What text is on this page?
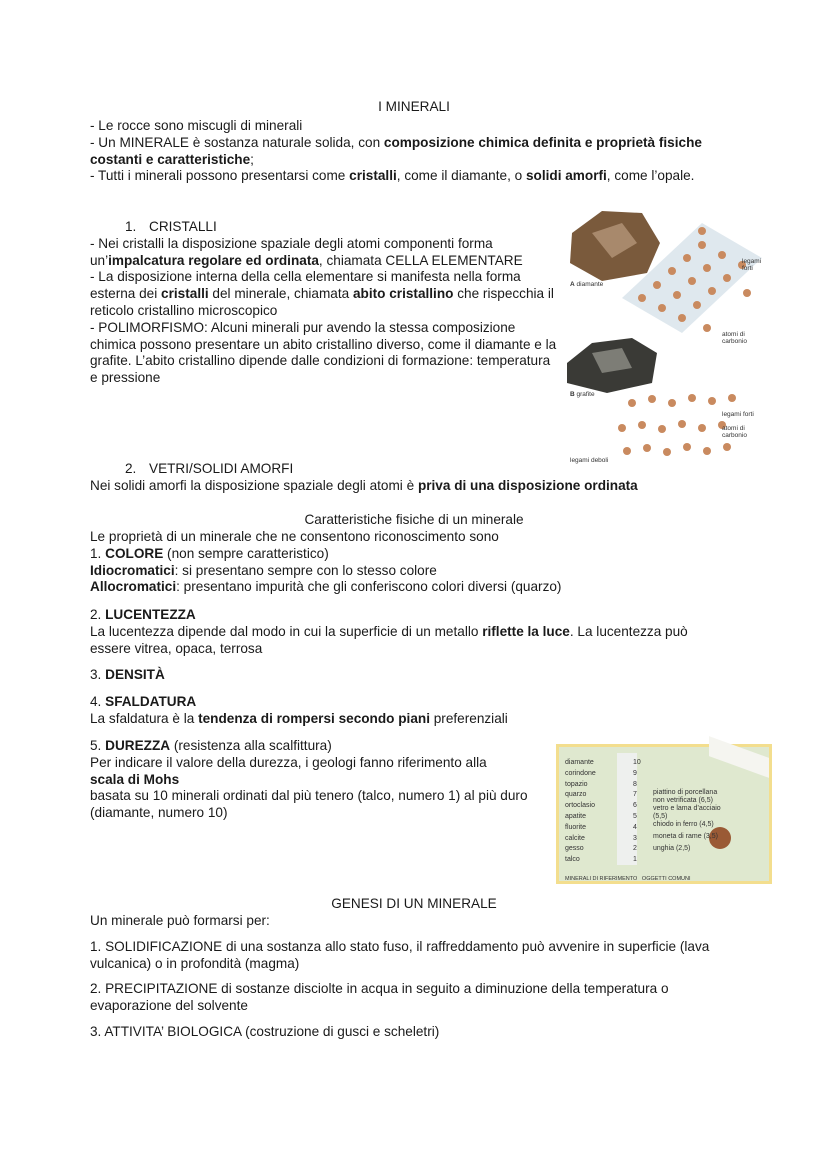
I MINERALI
- Le rocce sono miscugli di minerali
- Un MINERALE è sostanza naturale solida, con composizione chimica definita e proprietà fisiche costanti e caratteristiche;
- Tutti i minerali possono presentarsi come cristalli, come il diamante, o solidi amorfi, come l’opale.
1. CRISTALLI
- Nei cristalli la disposizione spaziale degli atomi componenti forma un’impalcatura regolare ed ordinata, chiamata CELLA ELEMENTARE
- La disposizione interna della cella elementare si manifesta nella forma esterna dei cristalli del minerale, chiamata abito cristallino che rispecchia il reticolo cristallino microscopico
- POLIMORFISMO: Alcuni minerali pur avendo la stessa composizione chimica possono presentare un abito cristallino diverso, come il diamante e la grafite. L’abito cristallino dipende dalle condizioni di formazione: temperatura e pressione
A diamante
legami forti
atomi di carbonio
B grafite
legami forti
atomi di carbonio
legami deboli
2. VETRI/SOLIDI AMORFI
Nei solidi amorfi la disposizione spaziale degli atomi è priva di una disposizione ordinata
Caratteristiche fisiche di un minerale
Le proprietà di un minerale che ne consentono riconoscimento sono
1. COLORE (non sempre caratteristico)
Idiocromatici: si presentano sempre con lo stesso colore
Allocromatici: presentano impurità che gli conferiscono colori diversi (quarzo)
2. LUCENTEZZA
La lucentezza dipende dal modo in cui la superficie di un metallo riflette la luce. La lucentezza può essere vitrea, opaca, terrosa
3. DENSITÀ
4. SFALDATURA
La sfaldatura è la tendenza di rompersi secondo piani preferenziali
5. DUREZZA (resistenza alla scalfittura)
Per indicare il valore della durezza, i geologi fanno riferimento alla
scala di Mohs
basata su 10 minerali ordinati dal più tenero (talco, numero 1) al più duro (diamante, numero 10)
diamante	10
corindone	9
topazio	8
quarzo	7
ortoclasio	6
apatite	5
fluorite	4
calcite	3
gesso	2
talco	1
piattino di porcellana non vetrificata (6,5)
vetro e lama d’acciaio (5,5)
chiodo in ferro (4,5)
moneta di rame (3,5)
unghia (2,5)
MINERALI DI RIFERIMENTO OGGETTI COMUNI
GENESI DI UN MINERALE
Un minerale può formarsi per:
1. SOLIDIFICAZIONE di una sostanza allo stato fuso, il raffreddamento può avvenire in superficie (lava vulcanica) o in profondità (magma)
2. PRECIPITAZIONE di sostanze disciolte in acqua in seguito a diminuzione della temperatura o evaporazione del solvente
3. ATTIVITA’ BIOLOGICA (costruzione di gusci e scheletri)
